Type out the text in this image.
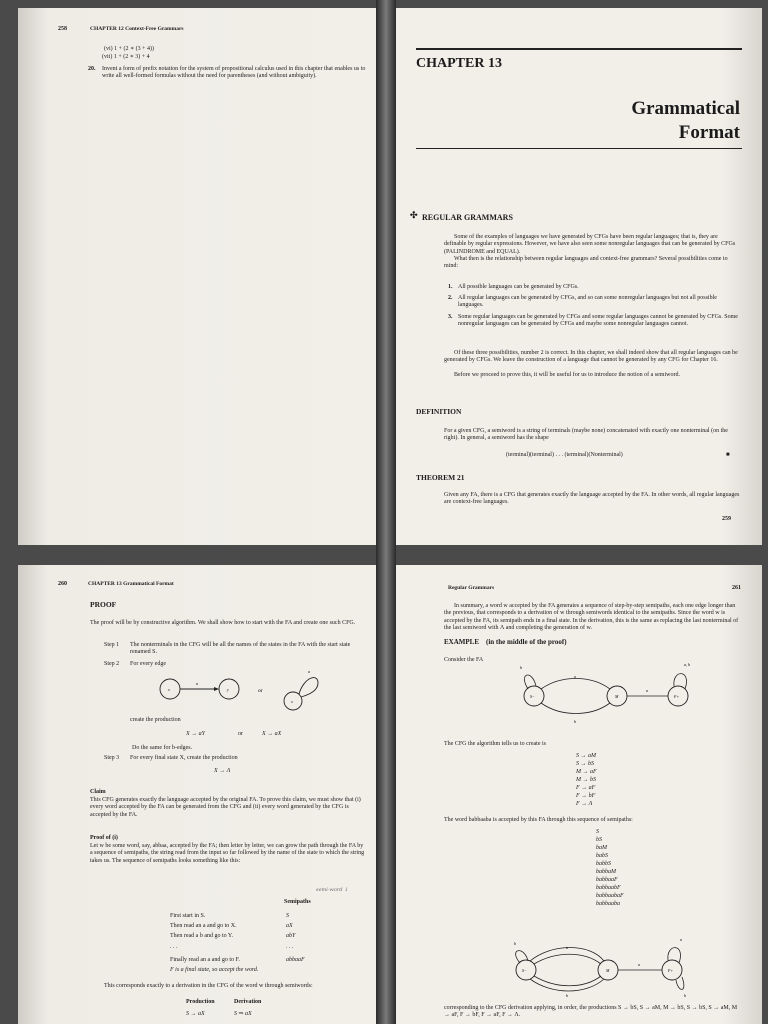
258	CHAPTER 12 Context-Free Grammars
(vi) 1 + (2 ∗ (3 + 4))
(vii) 1 + (2 ∗ 3) + 4
20. Invent a form of prefix notation for the system of propositional calculus used in this chapter that enables us to write all well-formed formulas without the need for parentheses (and without ambiguity).
CHAPTER 13
Grammatical
Format
✣ REGULAR GRAMMARS
Some of the examples of languages we have generated by CFGs have been regular languages; that is, they are definable by regular expressions. However, we have also seen some nonregular languages that can be generated by CFGs (PALINDROME and EQUAL).
What then is the relationship between regular languages and context-free grammars? Several possibilities come to mind:
1. All possible languages can be generated by CFGs.
2. All regular languages can be generated by CFGs, and so can some nonregular languages but not all possible languages.
3. Some regular languages can be generated by CFGs and some regular languages cannot be generated by CFGs. Some nonregular languages can be generated by CFGs and maybe some nonregular languages cannot.
Of these three possibilities, number 2 is correct. In this chapter, we shall indeed show that all regular languages can be generated by CFGs. We leave the construction of a language that cannot be generated by any CFG for Chapter 16.
Before we proceed to prove this, it will be useful for us to introduce the notion of a semiword.
DEFINITION
For a given CFG, a semiword is a string of terminals (maybe none) concatenated with exactly one nonterminal (on the right). In general, a semiword has the shape
(terminal)(terminal) . . . (terminal)(Nonterminal)	■
THEOREM 21
Given any FA, there is a CFG that generates exactly the language accepted by the FA. In other words, all regular languages are context-free languages.
259
260	CHAPTER 13 Grammatical Format
PROOF
The proof will be by constructive algorithm. We shall show how to start with the FA and create one such CFG.
Step 1 The nonterminals in the CFG will be all the names of the states in the FA with the start state renamed S.
Step 2 For every edge
x	y
a
or
x
a
create the production
X → aY	or	X → aX
Do the same for b-edges.
Step 3 For every final state X, create the production
X → Λ
Claim
This CFG generates exactly the language accepted by the original FA. To prove this claim, we must show that (i) every word accepted by the FA can be generated from the CFG and (ii) every word generated by the CFG is accepted by the FA.
Proof of (i)
Let w be some word, say, abbaa, accepted by the FA; then letter by letter, we can grow the path through the FA by a sequence of semipaths, the string read from the input so far followed by the name of the state to which the string takes us. The sequence of semipaths looks something like this:
Semipaths
semi-word ↓
First start in S.	S
Then read an a and go to X.	aX
Then read a b and go to Y.	abY
. . .	. . .
Finally read an a and go to F.	abbaaF
F is a final state, so accept the word.
This corresponds exactly to a derivation in the CFG of the word w through semiwords:
Production	Derivation
S → aX	S ⇒ aX
Regular Grammars	261
In summary, a word w accepted by the FA generates a sequence of step-by-step semipaths, each one edge longer than the previous, that corresponds to a derivation of w through semiwords identical to the semipaths. Since the word w is accepted by the FA, its semipath ends in a final state. In the derivation, this is the same as replacing the last nonterminal of the last semiword with Λ and completing the generation of w.
EXAMPLE (in the middle of the proof)
Consider the FA
S−	M	F+
a
b
a
b
a, b
The CFG the algorithm tells us to create is
S → aM
S → bS
M → aF
M → bS
F → aF
F → bF
F → Λ
The word babbaaba is accepted by this FA through this sequence of semipaths:
S
bS
baM
babS
babbS
babbaM
babbaaF
babbaabF
babbaabaF
babbaaba
S−	M	F+
b
a
b
a
a
b
corresponding to the CFG derivation applying, in order, the productions S → bS, S → aM, M → bS, S → bS, S → aM, M → aF, F → bF, F → aF, F → Λ.
